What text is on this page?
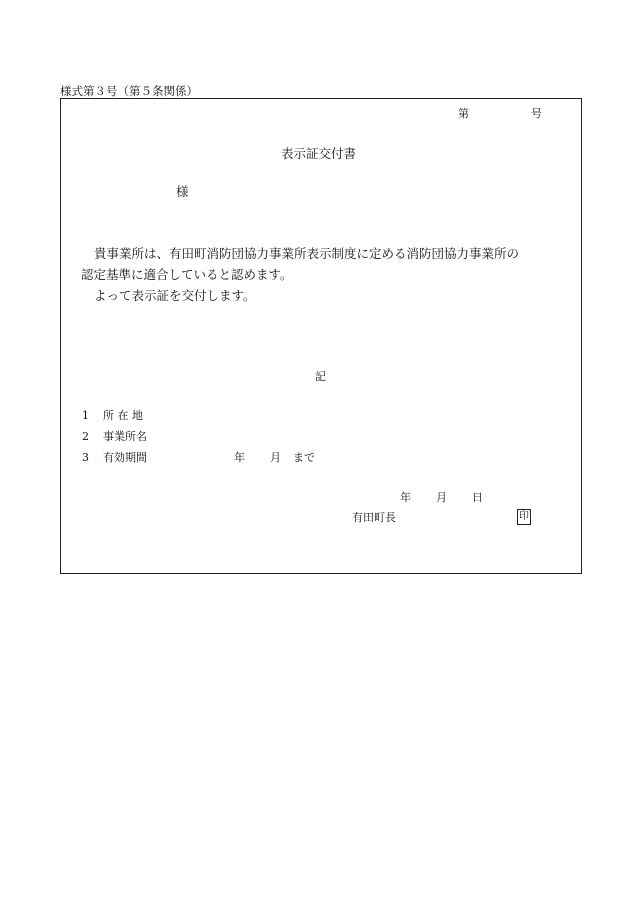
様式第３号（第５条関係）
第	号
表示証交付書
様
貴事業所は、有田町消防団協力事業所表示制度に定める消防団協力事業所の
認定基準に適合していると認めます。
よって表示証を交付します。
記
1 所 在 地
2 事業所名
3 有効期間	年 月 まで
年 月 日
有田町長	印
